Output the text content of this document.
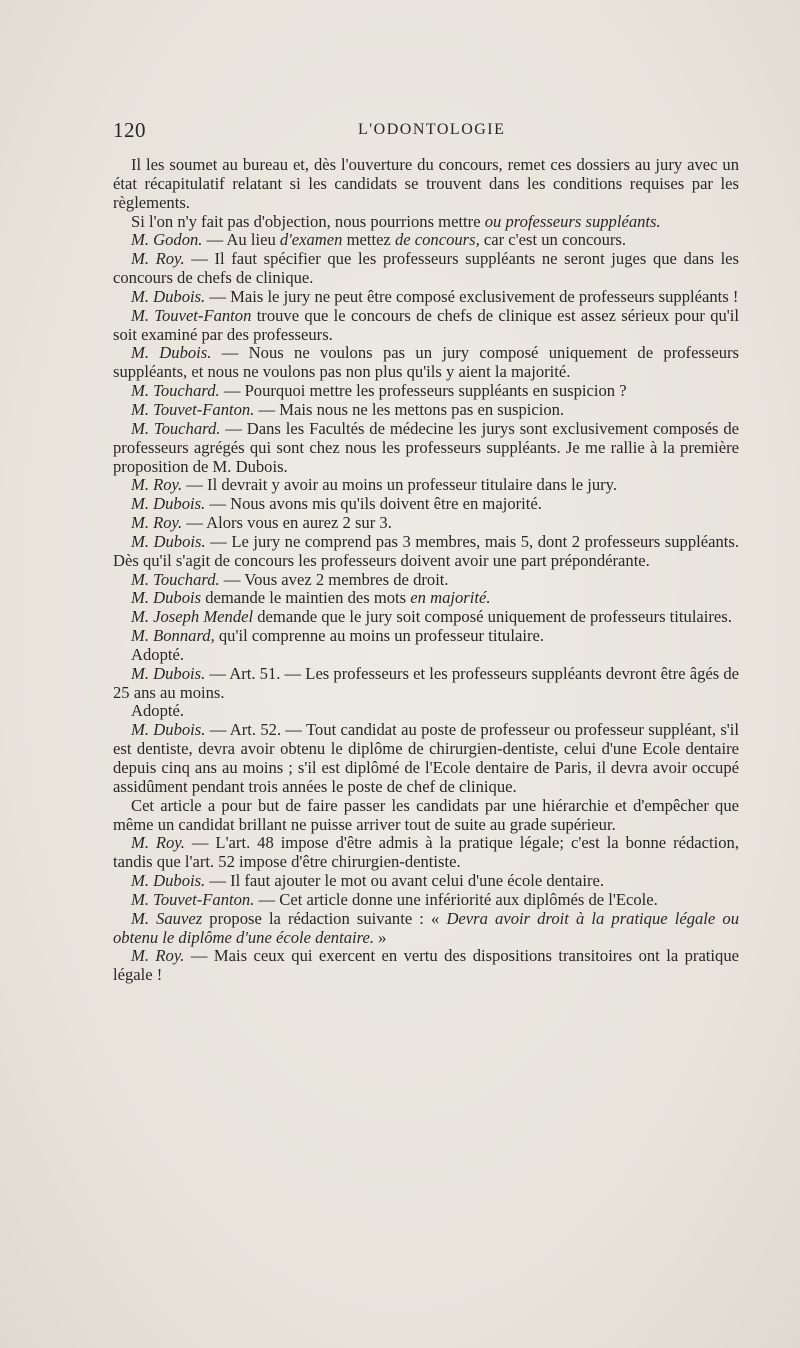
120	L'ODONTOLOGIE

Il les soumet au bureau et, dès l'ouverture du concours, remet ces dossiers au jury avec un état récapitulatif relatant si les candidats se trouvent dans les conditions requises par les règlements.

Si l'on n'y fait pas d'objection, nous pourrions mettre ou professeurs suppléants.

M. Godon. — Au lieu d'examen mettez de concours, car c'est un concours.

M. Roy. — Il faut spécifier que les professeurs suppléants ne seront juges que dans les concours de chefs de clinique.

M. Dubois. — Mais le jury ne peut être composé exclusivement de professeurs suppléants !

M. Touvet-Fanton trouve que le concours de chefs de clinique est assez sérieux pour qu'il soit examiné par des professeurs.

M. Dubois. — Nous ne voulons pas un jury composé uniquement de professeurs suppléants, et nous ne voulons pas non plus qu'ils y aient la majorité.

M. Touchard. — Pourquoi mettre les professeurs suppléants en suspicion ?

M. Touvet-Fanton. — Mais nous ne les mettons pas en suspicion.

M. Touchard. — Dans les Facultés de médecine les jurys sont exclusivement composés de professeurs agrégés qui sont chez nous les professeurs suppléants. Je me rallie à la première proposition de M. Dubois.

M. Roy. — Il devrait y avoir au moins un professeur titulaire dans le jury.

M. Dubois. — Nous avons mis qu'ils doivent être en majorité.

M. Roy. — Alors vous en aurez 2 sur 3.

M. Dubois. — Le jury ne comprend pas 3 membres, mais 5, dont 2 professeurs suppléants. Dès qu'il s'agit de concours les professeurs doivent avoir une part prépondérante.

M. Touchard. — Vous avez 2 membres de droit.

M. Dubois demande le maintien des mots en majorité.

M. Joseph Mendel demande que le jury soit composé uniquement de professeurs titulaires.

M. Bonnard, qu'il comprenne au moins un professeur titulaire.

Adopté.

M. Dubois. — Art. 51. — Les professeurs et les professeurs suppléants devront être âgés de 25 ans au moins.

Adopté.

M. Dubois. — Art. 52. — Tout candidat au poste de professeur ou professeur suppléant, s'il est dentiste, devra avoir obtenu le diplôme de chirurgien-dentiste, celui d'une Ecole dentaire depuis cinq ans au moins ; s'il est diplômé de l'Ecole dentaire de Paris, il devra avoir occupé assidûment pendant trois années le poste de chef de clinique.

Cet article a pour but de faire passer les candidats par une hiérarchie et d'empêcher que même un candidat brillant ne puisse arriver tout de suite au grade supérieur.

M. Roy. — L'art. 48 impose d'être admis à la pratique légale; c'est la bonne rédaction, tandis que l'art. 52 impose d'être chirurgien-dentiste.

M. Dubois. — Il faut ajouter le mot ou avant celui d'une école dentaire.

M. Touvet-Fanton. — Cet article donne une infériorité aux diplômés de l'Ecole.

M. Sauvez propose la rédaction suivante : « Devra avoir droit à la pratique légale ou obtenu le diplôme d'une école dentaire. »

M. Roy. — Mais ceux qui exercent en vertu des dispositions transitoires ont la pratique légale !
